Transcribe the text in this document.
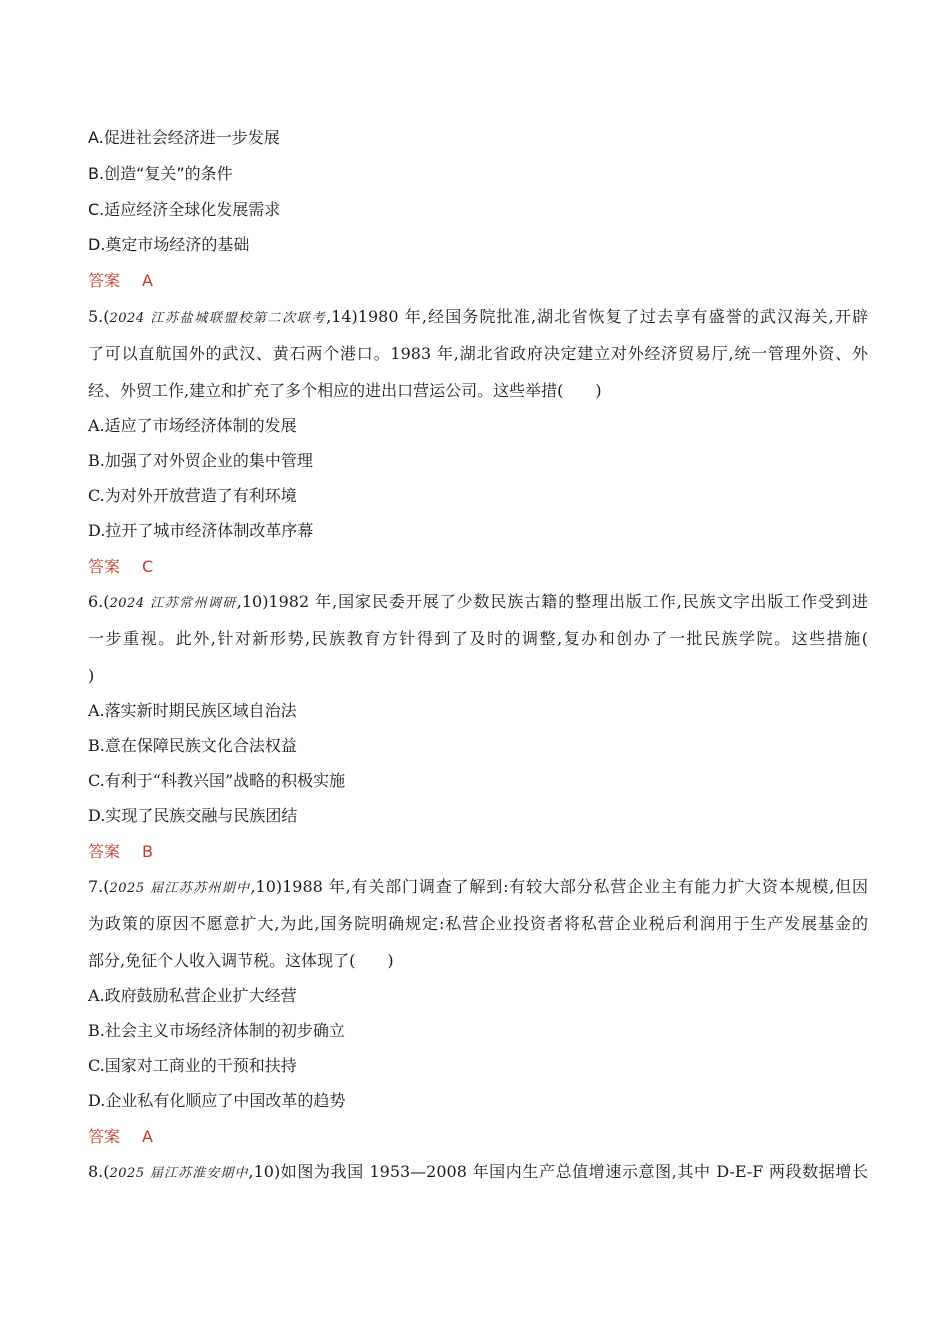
A.促进社会经济进一步发展
B.创造“复关”的条件
C.适应经济全球化发展需求
D.奠定市场经济的基础
答案 A
5.(2024 江苏盐城联盟校第二次联考,14)1980 年,经国务院批准,湖北省恢复了过去享有盛誉的武汉海关,开辟
了可以直航国外的武汉、黄石两个港口。1983 年,湖北省政府决定建立对外经济贸易厅,统一管理外资、外
经、外贸工作,建立和扩充了多个相应的进出口营运公司。这些举措(　　)
A.适应了市场经济体制的发展
B.加强了对外贸企业的集中管理
C.为对外开放营造了有利环境
D.拉开了城市经济体制改革序幕
答案 C
6.(2024 江苏常州调研,10)1982 年,国家民委开展了少数民族古籍的整理出版工作,民族文字出版工作受到进
一步重视。此外,针对新形势,民族教育方针得到了及时的调整,复办和创办了一批民族学院。这些措施(
)
A.落实新时期民族区域自治法
B.意在保障民族文化合法权益
C.有利于“科教兴国”战略的积极实施
D.实现了民族交融与民族团结
答案 B
7.(2025 届江苏苏州期中,10)1988 年,有关部门调查了解到:有较大部分私营企业主有能力扩大资本规模,但因
为政策的原因不愿意扩大,为此,国务院明确规定:私营企业投资者将私营企业税后利润用于生产发展基金的
部分,免征个人收入调节税。这体现了(　　)
A.政府鼓励私营企业扩大经营
B.社会主义市场经济体制的初步确立
C.国家对工商业的干预和扶持
D.企业私有化顺应了中国改革的趋势
答案 A
8.(2025 届江苏淮安期中,10)如图为我国 1953—2008 年国内生产总值增速示意图,其中 D-E-F 两段数据增长
